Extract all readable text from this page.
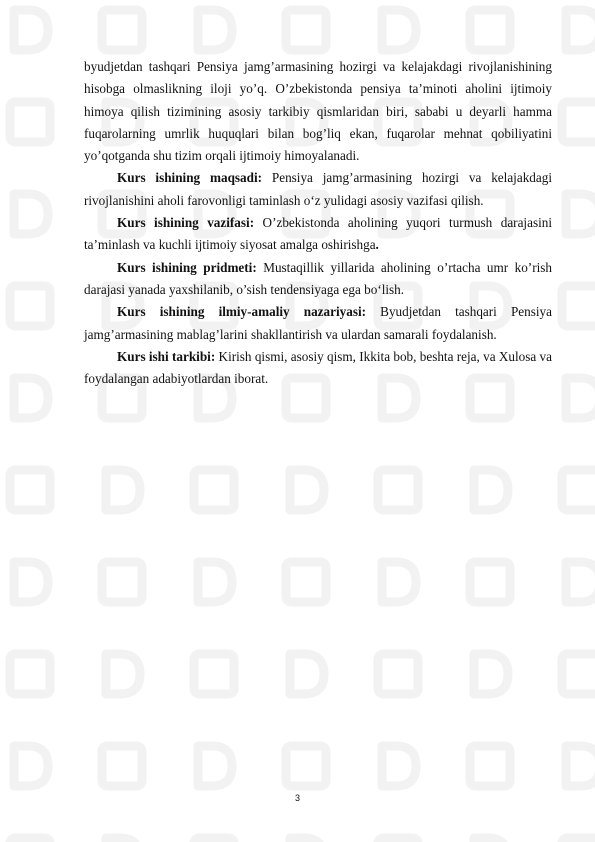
byudjetdan tashqari Pensiya jamg’armasining hozirgi va kelajakdagi rivojlanishining hisobga olmaslikning iloji yo’q. O’zbekistonda pensiya ta’minoti aholini ijtimoiy himoya qilish tizimining asosiy tarkibiy qismlaridan biri, sababi u deyarli hamma fuqarolarning umrlik huquqlari bilan bog’liq ekan, fuqarolar mehnat qobiliyatini yo’qotganda shu tizim orqali ijtimoiy himoyalanadi.

Kurs ishining maqsadi: Pensiya jamg’armasining hozirgi va kelajakdagi rivojlanishini aholi farovonligi taminlash o‘z yulidagi asosiy vazifasi qilish.

Kurs ishining vazifasi: O’zbekistonda aholining yuqori turmush darajasini ta’minlash va kuchli ijtimoiy siyosat amalga oshirishga.

Kurs ishining pridmeti: Mustaqillik yillarida aholining o’rtacha umr ko’rish darajasi yanada yaxshilanib, o’sish tendensiyaga ega bo‘lish.

Kurs ishining ilmiy-amaliy nazariyasi: Byudjetdan tashqari Pensiya jamg’armasining mablag’larini shakllantirish va ulardan samarali foydalanish.

Kurs ishi tarkibi: Kirish qismi, asosiy qism, Ikkita bob, beshta reja, va Xulosa va foydalangan adabiyotlardan iborat.

3
